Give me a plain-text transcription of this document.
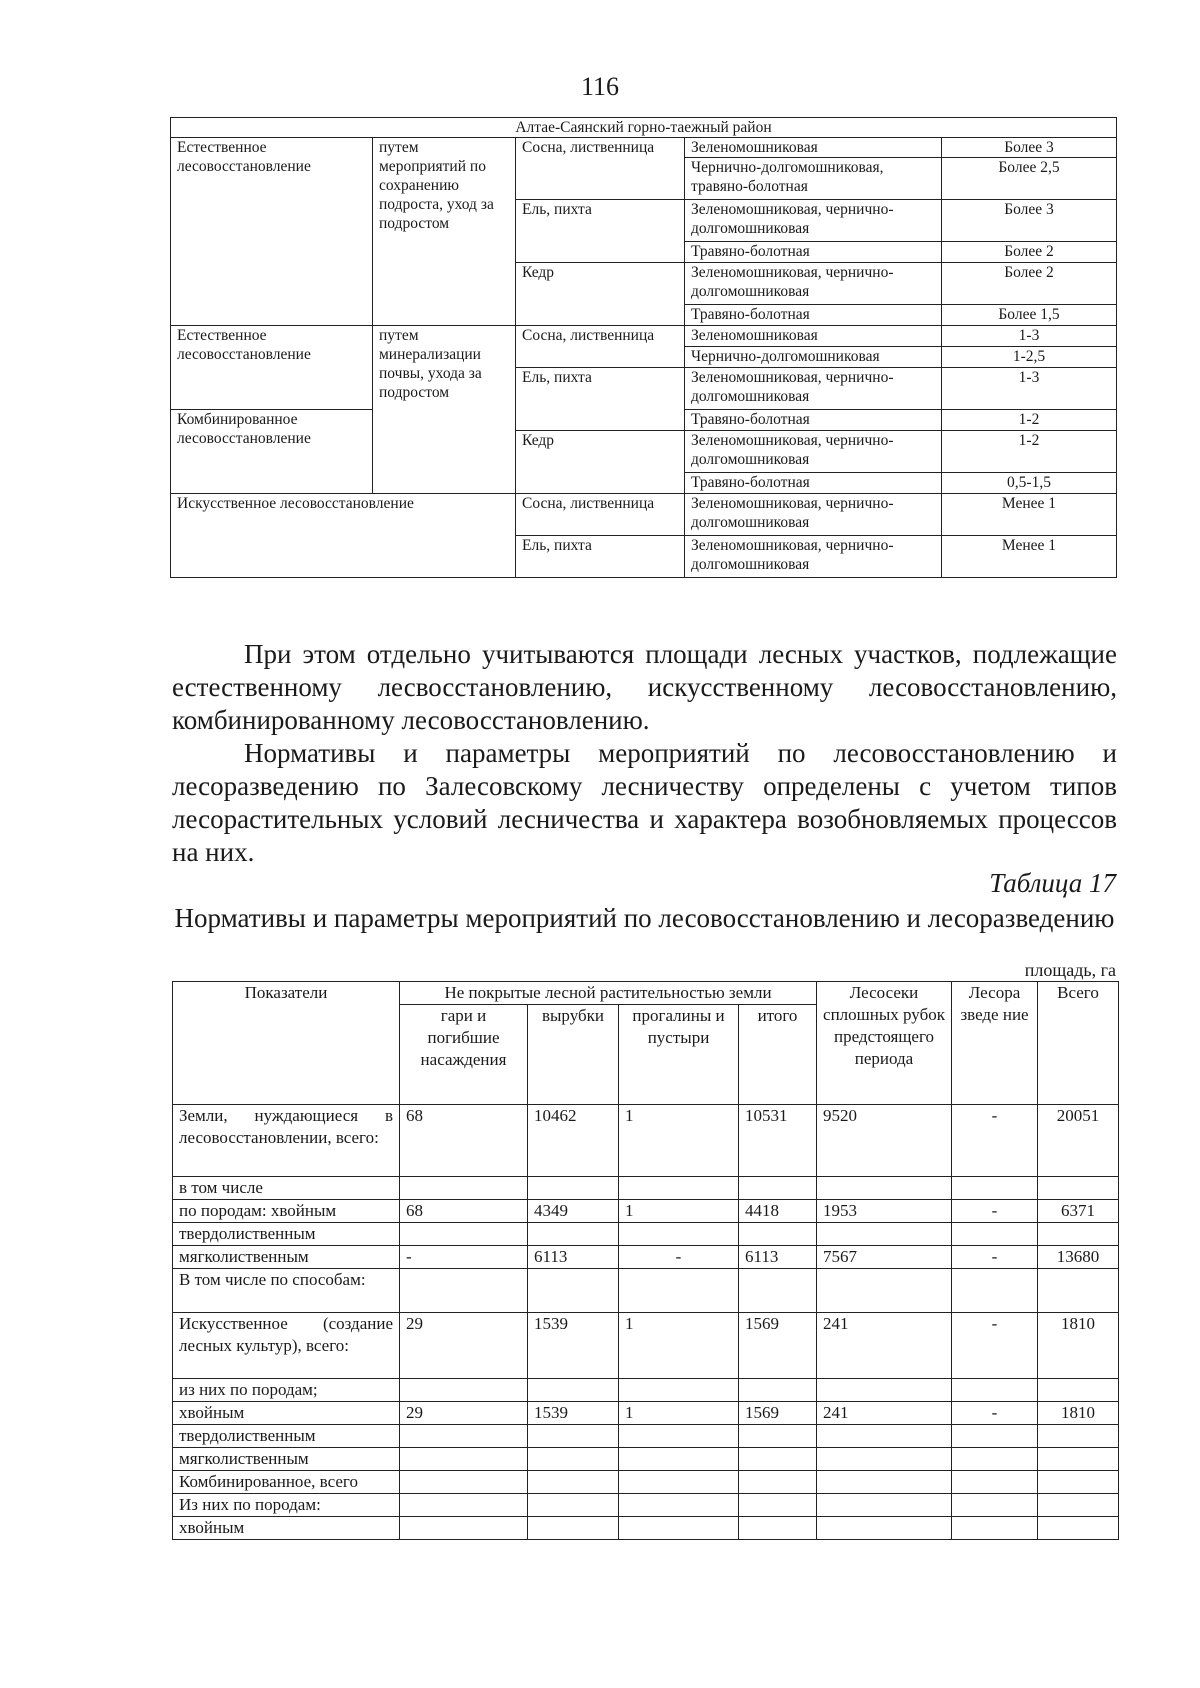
116
Алтае-Саянский горно-таежный район				
Естественное лесовосстановление	путем мероприятий по сохранению подроста, уход за подростом	Сосна, лиственница	Зеленомошниковая	Более 3
			Чернично-долгомошниковая, травяно-болотная	Более 2,5
		Ель, пихта	Зеленомошниковая, чернично-долгомошниковая	Более 3
			Травяно-болотная	Более 2
		Кедр	Зеленомошниковая, чернично-долгомошниковая	Более 2
			Травяно-болотная	Более 1,5
Естественное лесовосстановление	путем минерализации почвы, ухода за подростом	Сосна, лиственница	Зеленомошниковая	1-3
			Чернично-долгомошниковая	1-2,5
		Ель, пихта	Зеленомошниковая, чернично-долгомошниковая	1-3
Комбинированное лесовосстановление			Травяно-болотная	1-2
		Кедр	Зеленомошниковая, чернично-долгомошниковая	1-2
			Травяно-болотная	0,5-1,5
Искусственное лесовосстановление		Сосна, лиственница	Зеленомошниковая, чернично-долгомошниковая	Менее 1
		Ель, пихта	Зеленомошниковая, чернично-долгомошниковая	Менее 1

При этом отдельно учитываются площади лесных участков, подлежащие естественному лесвосстановлению, искусственному лесовосстановлению, комбинированному лесовосстановлению.

Нормативы и параметры мероприятий по лесовосстановлению и лесоразведению по Залесовскому лесничеству определены с учетом типов лесорастительных условий лесничества и характера возобновляемых процессов на них.

Таблица 17
Нормативы и параметры мероприятий по лесовосстановлению и лесоразведению
площадь, га
Показатели	Не покрытые лесной растительностью земли				Лесосеки сплошных рубок предстоящего периода	Лесора зведе ние	Всего
	гари и погибшие насаждения	вырубки	прогалины и пустыри	итого			
Земли, нуждающиеся в лесовосстановлении, всего:	68	10462	1	10531	9520	-	20051
в том числе							
по породам: хвойным	68	4349	1	4418	1953	-	6371
твердолиственным							
мягколиственным	-	6113	-	6113	7567	-	13680
В том числе по способам:							
Искусственное (создание лесных культур), всего:	29	1539	1	1569	241	-	1810
из них по породам;							
хвойным	29	1539	1	1569	241	-	1810
твердолиственным							
мягколиственным							
Комбинированное, всего							
Из них по породам:							
хвойным							
